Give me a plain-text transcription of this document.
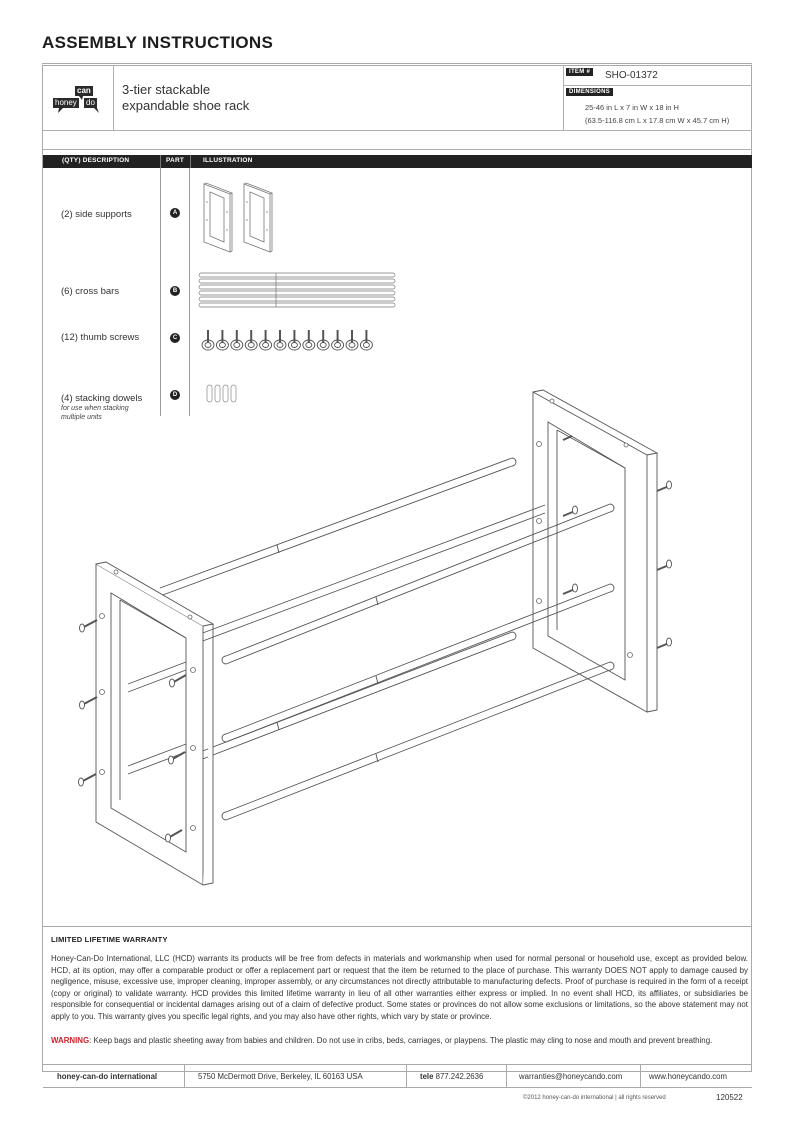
ASSEMBLY INSTRUCTIONS
can
honey do
3-tier stackable
expandable shoe rack
ITEM #	SHO-01372
DIMENSIONS
25-46 in L x 7 in W x 18 in H
(63.5-116.8 cm L x 17.8 cm W x 45.7 cm H)
(QTY) DESCRIPTION	PART	ILLUSTRATION
(2) side supports	A
(6) cross bars	B
(12) thumb screws	C
(4) stacking dowels	D
for use when stacking
multiple units
LIMITED LIFETIME WARRANTY
Honey-Can-Do International, LLC (HCD) warrants its products will be free from defects in materials and workmanship when used for normal personal or household use, except as provided below. HCD, at its option, may offer a comparable product or offer a replacement part or request that the item be returned to the place of purchase. This warranty DOES NOT apply to damage caused by negligence, misuse, excessive use, improper cleaning, improper assembly, or any circumstances not directly attributable to manufacturing defects. Proof of purchase is required in the form of a receipt (copy or original) to validate warranty. HCD provides this limited lifetime warranty in lieu of all other warranties either express or implied. In no event shall HCD, its affiliates, or subsidiaries be responsible for consequential or incidental damages arising out of a claim of defective product. Some states or provinces do not allow some exclusions or limitations, so the above statement may not apply to you. This warranty gives you specific legal rights, and you may also have other rights, which vary by state or province.
WARNING: Keep bags and plastic sheeting away from babies and children. Do not use in cribs, beds, carriages, or playpens. The plastic may cling to nose and mouth and prevent breathing.
honey-can-do international	5750 McDermott Drive, Berkeley, IL 60163 USA	tele 877.242.2636	warranties@honeycando.com	www.honeycando.com
©2012 honey-can-do international | all rights reserved	120522
